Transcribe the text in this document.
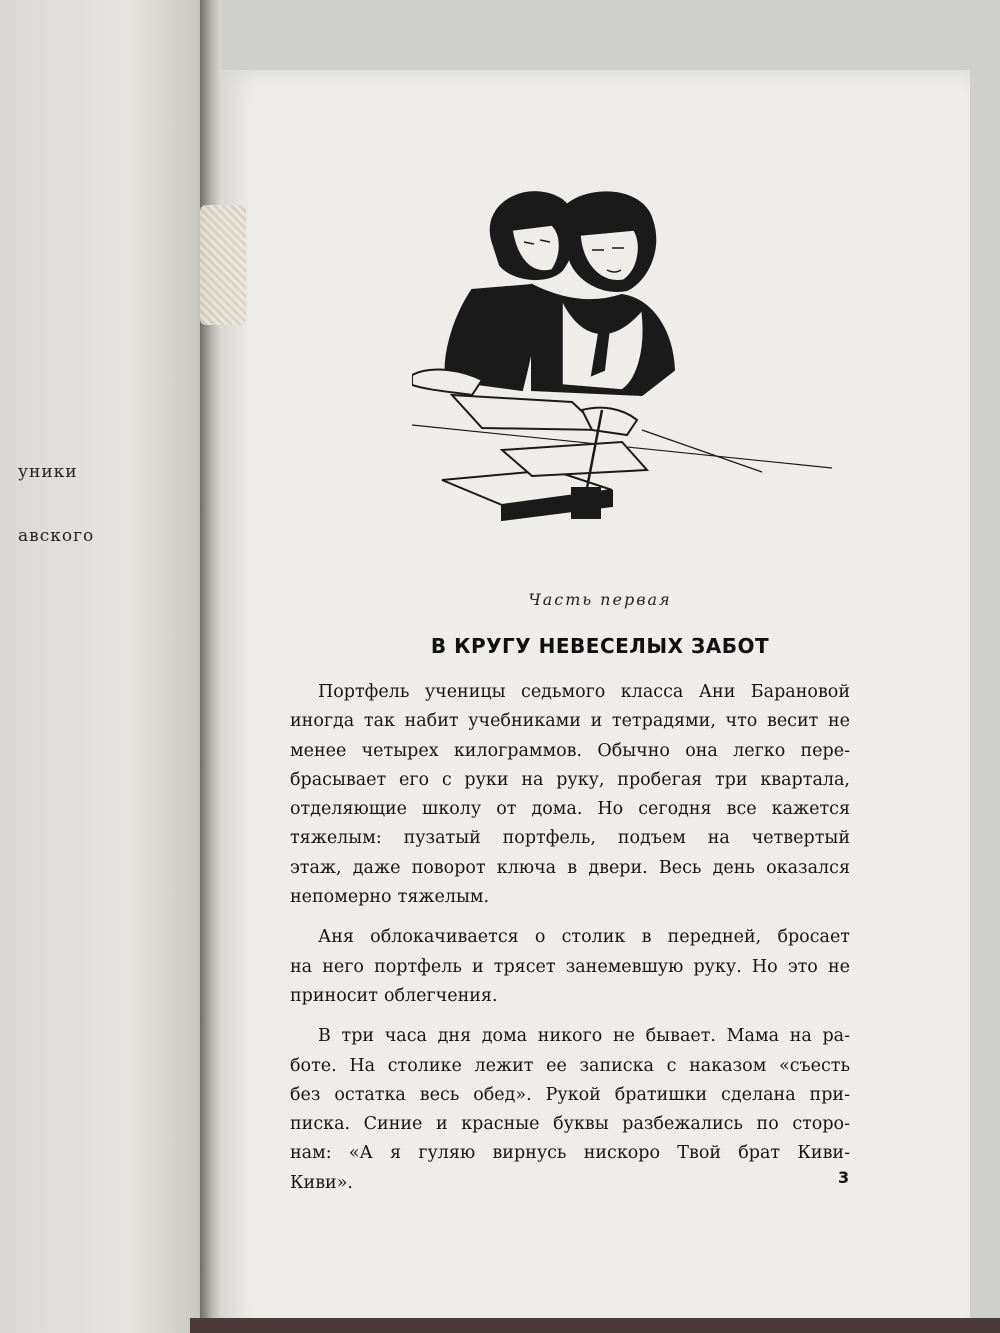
уники
авского
Часть первая
В КРУГУ НЕВЕСЕЛЫХ ЗАБОТ
Портфель ученицы седьмого класса Ани Барановой
иногда так набит учебниками и тетрадями, что весит не
менее четырех килограммов. Обычно она легко пере-
брасывает его с руки на руку, пробегая три квартала,
отделяющие школу от дома. Но сегодня все кажется
тяжелым: пузатый портфель, подъем на четвертый
этаж, даже поворот ключа в двери. Весь день оказался
непомерно тяжелым.
Аня облокачивается о столик в передней, бросает
на него портфель и трясет занемевшую руку. Но это не
приносит облегчения.
В три часа дня дома никого не бывает. Мама на ра-
боте. На столике лежит ее записка с наказом «съесть
без остатка весь обед». Рукой братишки сделана при-
писка. Синие и красные буквы разбежались по сторо-
нам: «А я гуляю вирнусь нискоро Твой брат Киви-
Киви».	3
